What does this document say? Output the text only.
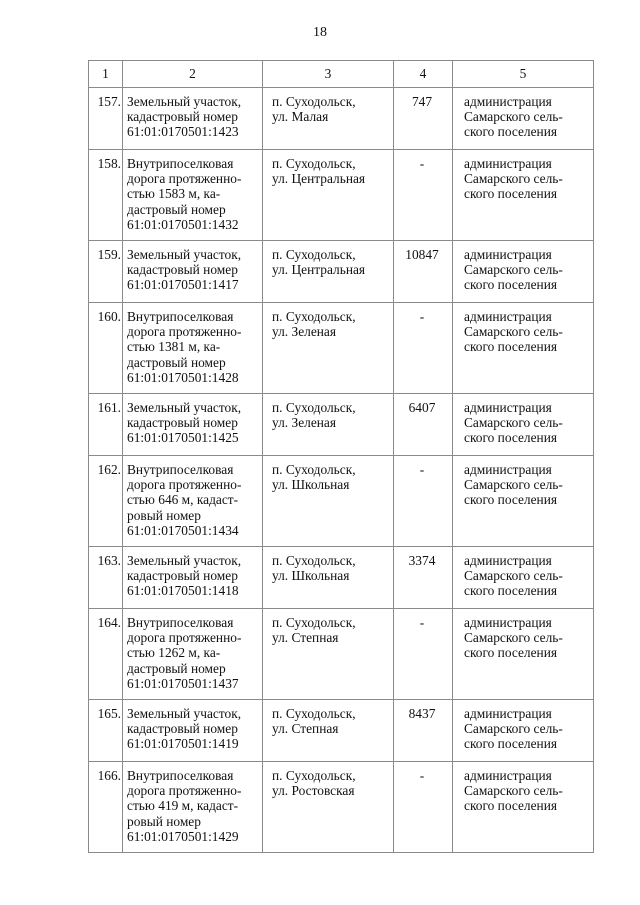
18
1	2	3	4	5
157.	Земельный участок,
кадастровый номер
61:01:0170501:1423	п. Суходольск,
ул. Малая	747	администрация
Самарского сель-
ского поселения

158.	Внутрипоселковая
дорога протяженно-
стью 1583 м, ка-
дастровый номер
61:01:0170501:1432	п. Суходольск,
ул. Центральная	-	администрация
Самарского сель-
ского поселения

159.	Земельный участок,
кадастровый номер
61:01:0170501:1417	п. Суходольск,
ул. Центральная	10847	администрация
Самарского сель-
ского поселения

160.	Внутрипоселковая
дорога протяженно-
стью 1381 м, ка-
дастровый номер
61:01:0170501:1428	п. Суходольск,
ул. Зеленая	-	администрация
Самарского сель-
ского поселения

161.	Земельный участок,
кадастровый номер
61:01:0170501:1425	п. Суходольск,
ул. Зеленая	6407	администрация
Самарского сель-
ского поселения

162.	Внутрипоселковая
дорога протяженно-
стью 646 м, кадаст-
ровый номер
61:01:0170501:1434	п. Суходольск,
ул. Школьная	-	администрация
Самарского сель-
ского поселения

163.	Земельный участок,
кадастровый номер
61:01:0170501:1418	п. Суходольск,
ул. Школьная	3374	администрация
Самарского сель-
ского поселения

164.	Внутрипоселковая
дорога протяженно-
стью 1262 м, ка-
дастровый номер
61:01:0170501:1437	п. Суходольск,
ул. Степная	-	администрация
Самарского сель-
ского поселения

165.	Земельный участок,
кадастровый номер
61:01:0170501:1419	п. Суходольск,
ул. Степная	8437	администрация
Самарского сель-
ского поселения

166.	Внутрипоселковая
дорога протяженно-
стью 419 м, кадаст-
ровый номер
61:01:0170501:1429	п. Суходольск,
ул. Ростовская	-	администрация
Самарского сель-
ского поселения
